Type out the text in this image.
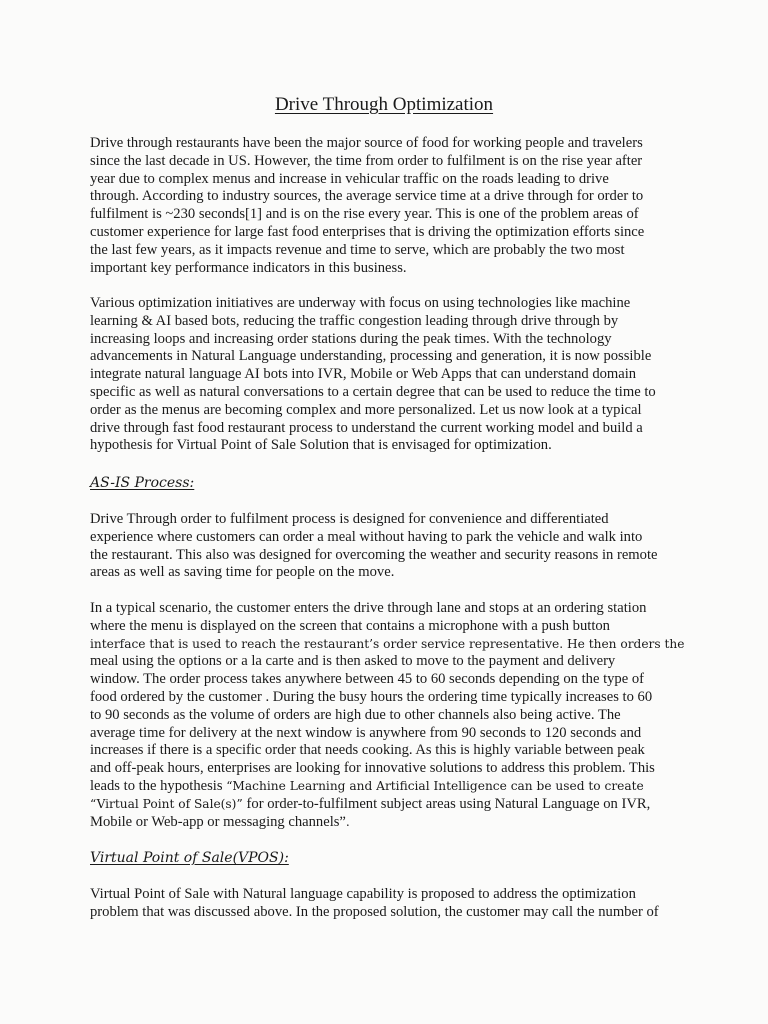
Drive Through Optimization
Drive through restaurants have been the major source of food for working people and travelers
since the last decade in US. However, the time from order to fulfilment is on the rise year after
year due to complex menus and increase in vehicular traffic on the roads leading to drive
through. According to industry sources, the average service time at a drive through for order to
fulfilment is ~230 seconds[1] and is on the rise every year. This is one of the problem areas of
customer experience for large fast food enterprises that is driving the optimization efforts since
the last few years, as it impacts revenue and time to serve, which are probably the two most
important key performance indicators in this business.
Various optimization initiatives are underway with focus on using technologies like machine
learning & AI based bots, reducing the traffic congestion leading through drive through by
increasing loops and increasing order stations during the peak times. With the technology
advancements in Natural Language understanding, processing and generation, it is now possible
integrate natural language AI bots into IVR, Mobile or Web Apps that can understand domain
specific as well as natural conversations to a certain degree that can be used to reduce the time to
order as the menus are becoming complex and more personalized. Let us now look at a typical
drive through fast food restaurant process to understand the current working model and build a
hypothesis for Virtual Point of Sale Solution that is envisaged for optimization.
AS-IS Process:
Drive Through order to fulfilment process is designed for convenience and differentiated
experience where customers can order a meal without having to park the vehicle and walk into
the restaurant. This also was designed for overcoming the weather and security reasons in remote
areas as well as saving time for people on the move.
In a typical scenario, the customer enters the drive through lane and stops at an ordering station
where the menu is displayed on the screen that contains a microphone with a push button
interface that is used to reach the restaurant’s order service representative. He then orders the
meal using the options or a la carte and is then asked to move to the payment and delivery
window. The order process takes anywhere between 45 to 60 seconds depending on the type of
food ordered by the customer . During the busy hours the ordering time typically increases to 60
to 90 seconds as the volume of orders are high due to other channels also being active. The
average time for delivery at the next window is anywhere from 90 seconds to 120 seconds and
increases if there is a specific order that needs cooking. As this is highly variable between peak
and off-peak hours, enterprises are looking for innovative solutions to address this problem. This
leads to the hypothesis “Machine Learning and Artificial Intelligence can be used to create
“Virtual Point of Sale(s)” for order-to-fulfilment subject areas using Natural Language on IVR,
Mobile or Web-app or messaging channels”.
Virtual Point of Sale(VPOS):
Virtual Point of Sale with Natural language capability is proposed to address the optimization
problem that was discussed above. In the proposed solution, the customer may call the number of
